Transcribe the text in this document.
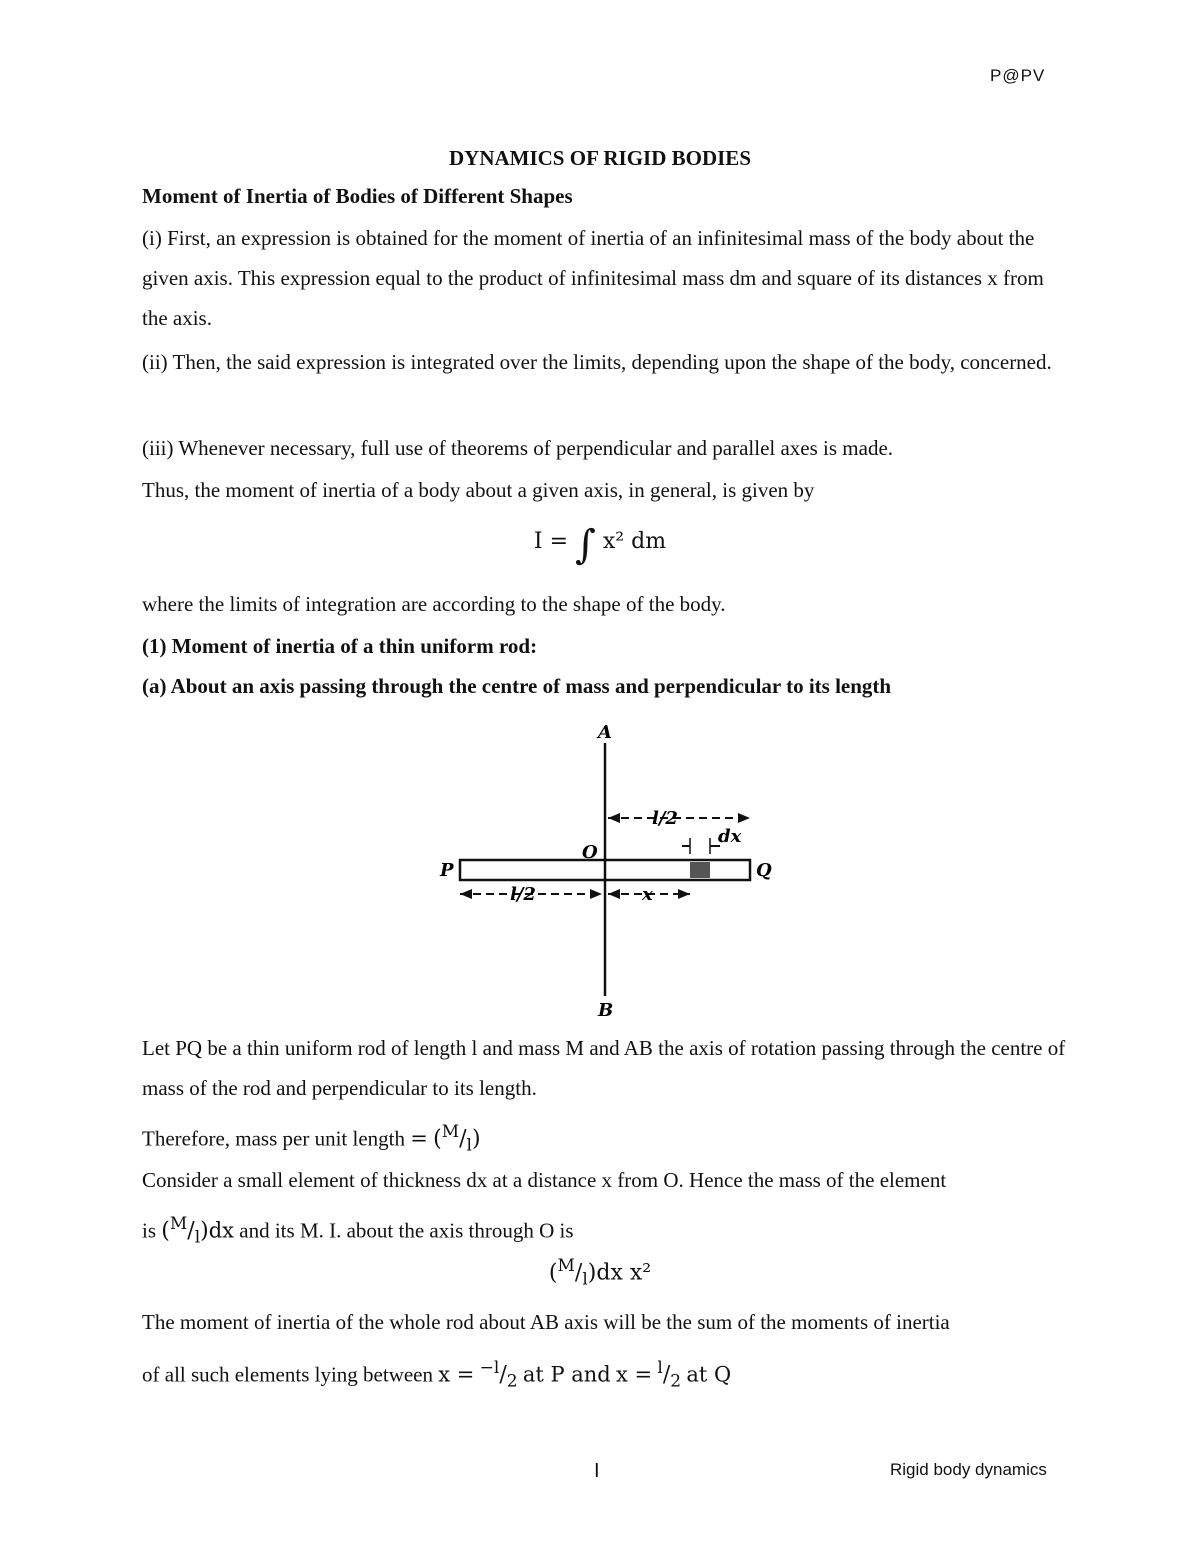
P@PV
DYNAMICS OF RIGID BODIES
Moment of Inertia of Bodies of Different Shapes
(i) First, an expression is obtained for the moment of inertia of an infinitesimal mass of the body about the given axis. This expression equal to the product of infinitesimal mass dm and square of its distances x from the axis.
(ii) Then, the said expression is integrated over the limits, depending upon the shape of the body, concerned.
(iii) Whenever necessary, full use of theorems of perpendicular and parallel axes is made.
Thus, the moment of inertia of a body about a given axis, in general, is given by
I = ∫ x² dm
where the limits of integration are according to the shape of the body.
(1) Moment of inertia of a thin uniform rod:
(a) About an axis passing through the centre of mass and perpendicular to its length
A
B
O
P	Q
l/2
l/2	x
dx
Let PQ be a thin uniform rod of length l and mass M and AB the axis of rotation passing through the centre of mass of the rod and perpendicular to its length.
Therefore, mass per unit length = $(^M/_l)$
Consider a small element of thickness dx at a distance x from O. Hence the mass of the element
is $(^M/_l)dx$ and its M. I. about the axis through O is
$(^M/_l)dx$ x²
The moment of inertia of the whole rod about AB axis will be the sum of the moments of inertia
of all such elements lying between $x = ^{-l}/_2$ at P and $x = ^l/_2$ at Q
I	Rigid body dynamics
